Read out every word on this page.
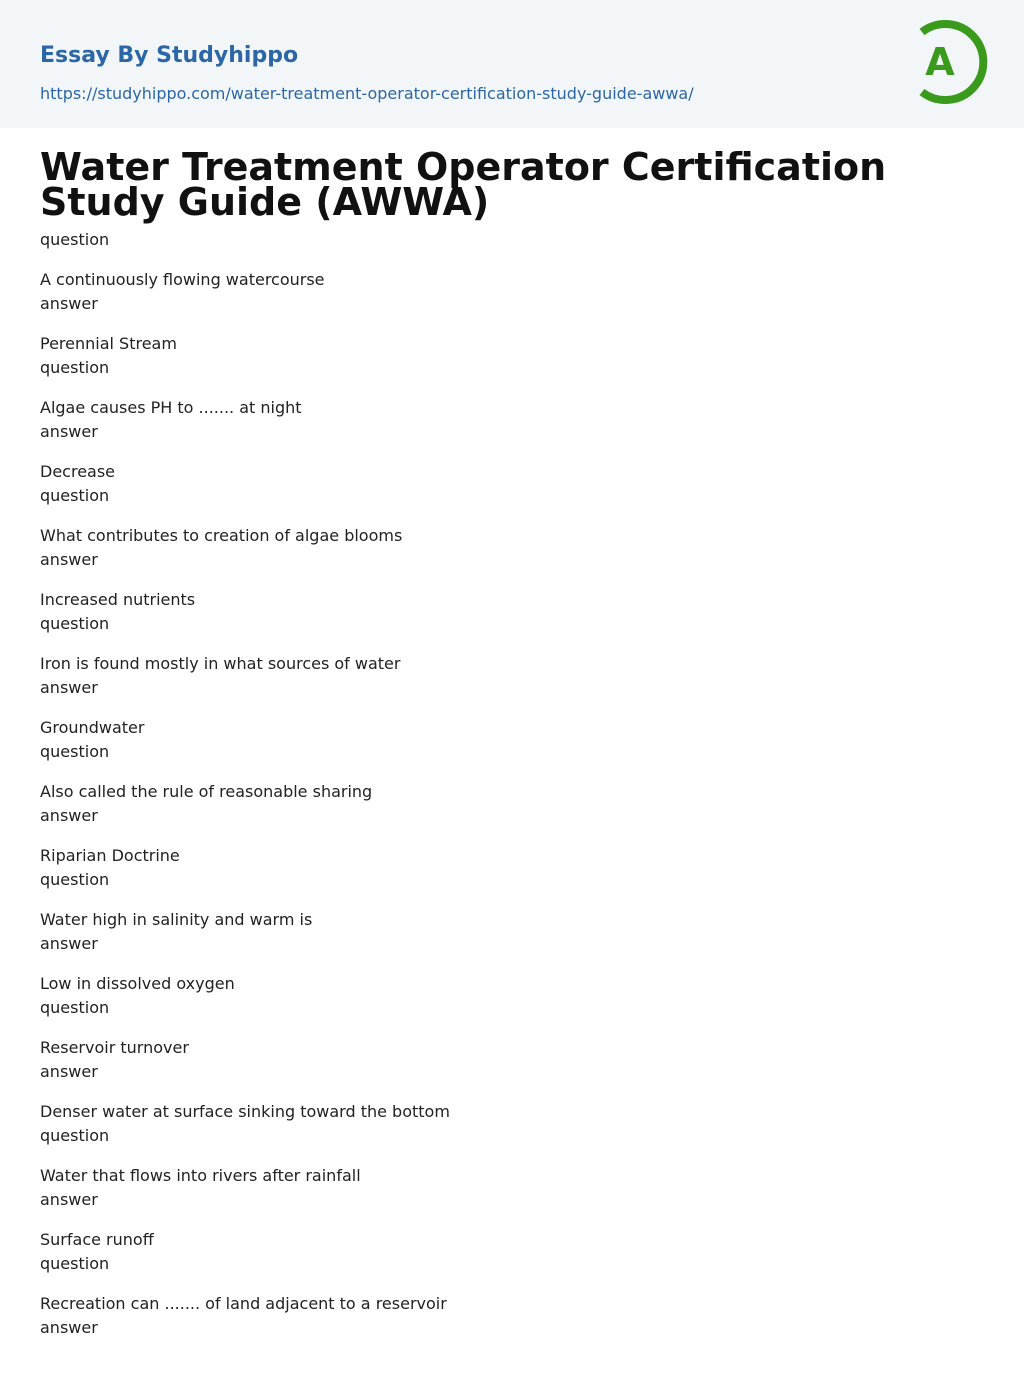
Essay By Studyhippo
https://studyhippo.com/water-treatment-operator-certification-study-guide-awwa/
A
Water Treatment Operator Certification Study Guide (AWWA)
question
A continuously flowing watercourse
answer
Perennial Stream
question
Algae causes PH to ....... at night
answer
Decrease
question
What contributes to creation of algae blooms
answer
Increased nutrients
question
Iron is found mostly in what sources of water
answer
Groundwater
question
Also called the rule of reasonable sharing
answer
Riparian Doctrine
question
Water high in salinity and warm is
answer
Low in dissolved oxygen
question
Reservoir turnover
answer
Denser water at surface sinking toward the bottom
question
Water that flows into rivers after rainfall
answer
Surface runoff
question
Recreation can ....... of land adjacent to a reservoir
answer
